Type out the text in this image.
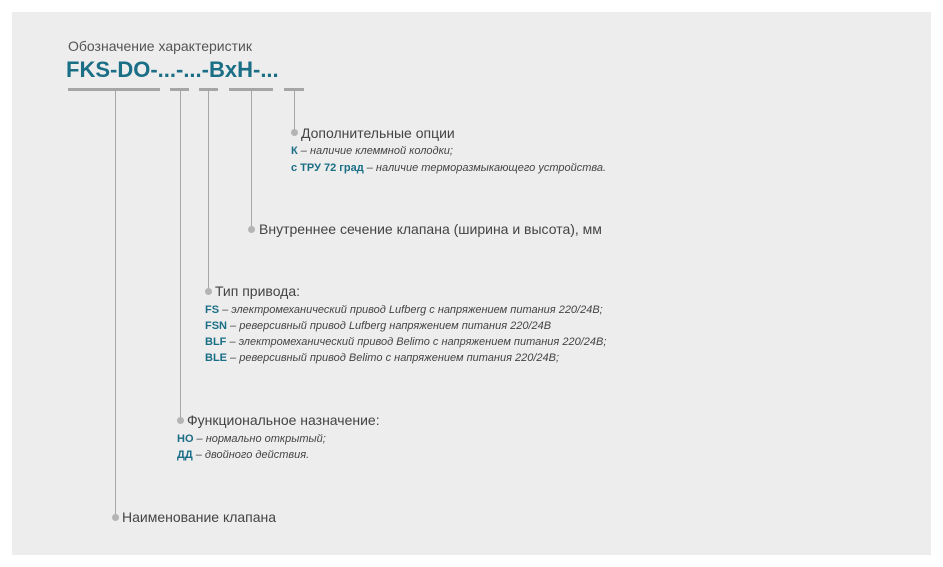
Обозначение характеристик
FKS-DO-...-...-BxH-...
Дополнительные опции
К – наличие клеммной колодки;
с ТРУ 72 град – наличие терморазмыкающего устройства.
Внутреннее сечение клапана (ширина и высота), мм
Тип привода:
FS – электромеханический привод Lufberg с напряжением питания 220/24В;
FSN – реверсивный привод Lufberg напряжением питания 220/24В
BLF – электромеханический привод Belimo с напряжением питания 220/24В;
BLE – реверсивный привод Belimo с напряжением питания 220/24В;
Функциональное назначение:
НО – нормально открытый;
ДД – двойного действия.
Наименование клапана
